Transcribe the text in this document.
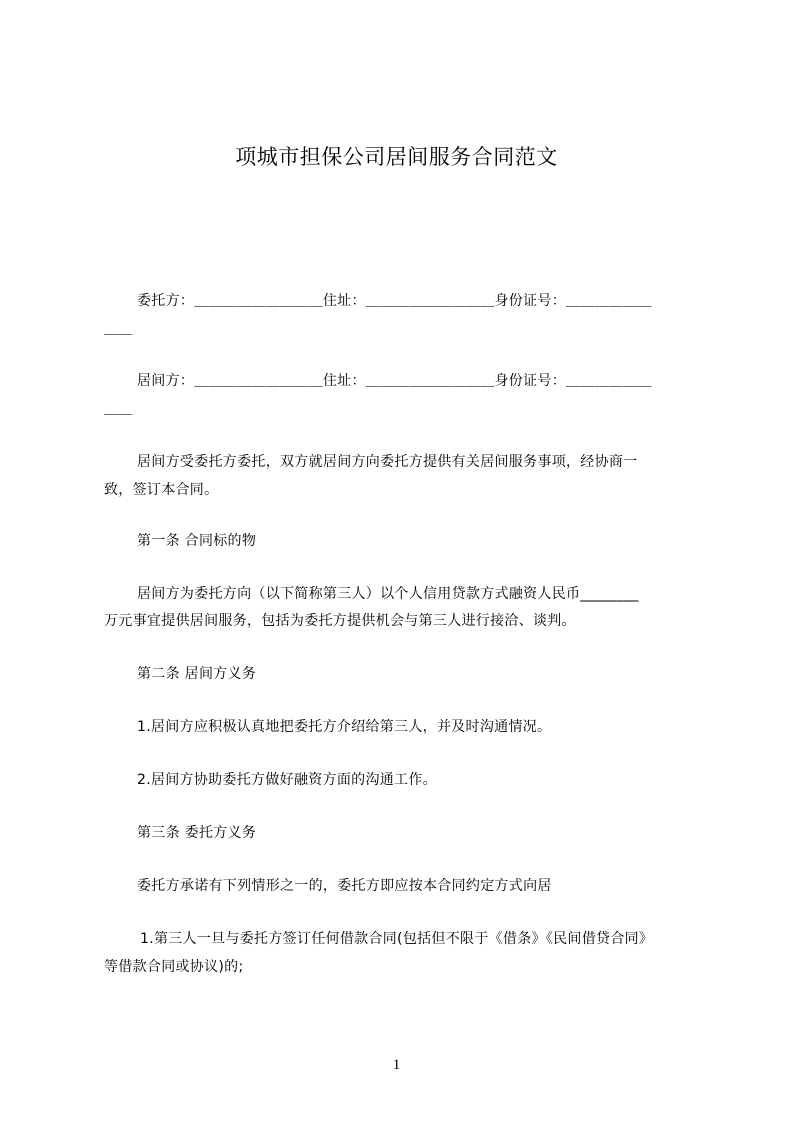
项城市担保公司居间服务合同范文
委托方：＿＿＿＿＿＿＿＿＿住址：＿＿＿＿＿＿＿＿＿身份证号：＿＿＿＿＿＿
＿＿
居间方：＿＿＿＿＿＿＿＿＿住址：＿＿＿＿＿＿＿＿＿身份证号：＿＿＿＿＿＿
＿＿
居间方受委托方委托，双方就居间方向委托方提供有关居间服务事项，经协商一
致，签订本合同。
第一条 合同标的物
居间方为委托方向（以下简称第三人）以个人信用贷款方式融资人民币________
万元事宜提供居间服务，包括为委托方提供机会与第三人进行接洽、谈判。
第二条 居间方义务
1.居间方应积极认真地把委托方介绍给第三人，并及时沟通情况。
2.居间方协助委托方做好融资方面的沟通工作。
第三条 委托方义务
委托方承诺有下列情形之一的，委托方即应按本合同约定方式向居
1.第三人一旦与委托方签订任何借款合同(包括但不限于《借条》《民间借贷合同》
等借款合同或协议)的;
1
